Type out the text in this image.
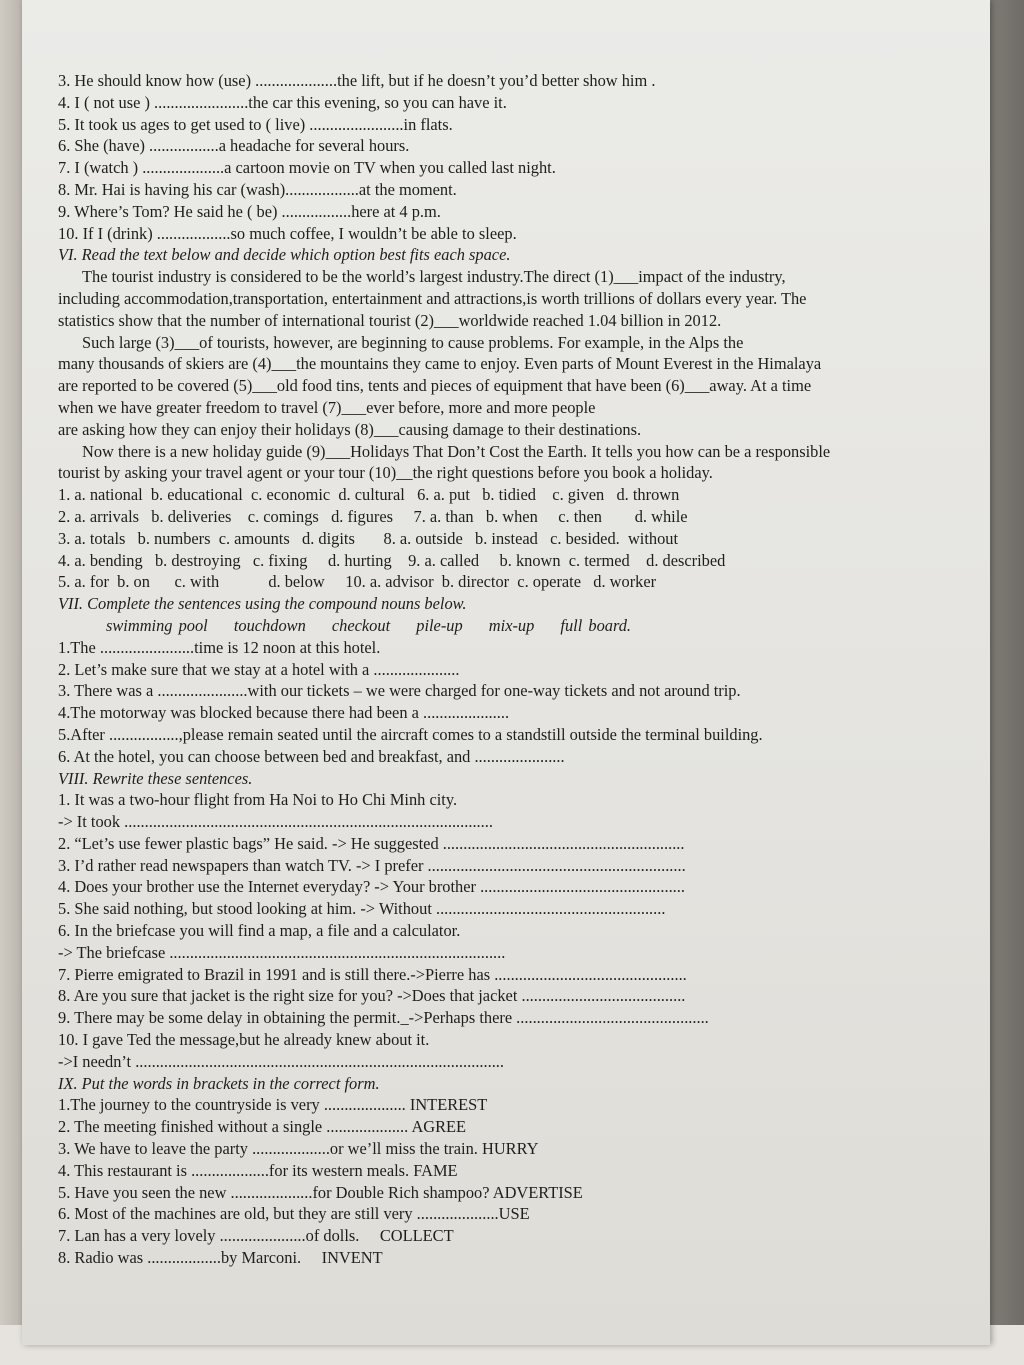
3. He should know how (use) ....................the lift, but if he doesn’t you’d better show him .
4. I ( not use ) .......................the car this evening, so you can have it.
5. It took us ages to get used to ( live) .......................in flats.
6. She (have) .................a headache for several hours.
7. I (watch ) ....................a cartoon movie on TV when you called last night.
8. Mr. Hai is having his car (wash)..................at the moment.
9. Where’s Tom? He said he ( be) .................here at 4 p.m.
10. If I (drink) ..................so much coffee, I wouldn’t be able to sleep.
VI. Read the text below and decide which option best fits each space.
The tourist industry is considered to be the world’s largest industry.The direct (1)___impact of the industry,
including accommodation,transportation, entertainment and attractions,is worth trillions of dollars every year. The
statistics show that the number of international tourist (2)___worldwide reached 1.04 billion in 2012.
Such large (3)___of tourists, however, are beginning to cause problems. For example, in the Alps the
many thousands of skiers are (4)___the mountains they came to enjoy. Even parts of Mount Everest in the Himalaya
are reported to be covered (5)___old food tins, tents and pieces of equipment that have been (6)___away. At a time
when we have greater freedom to travel (7)___ever before, more and more people
are asking how they can enjoy their holidays (8)___causing damage to their destinations.
Now there is a new holiday guide (9)___Holidays That Don’t Cost the Earth. It tells you how can be a responsible
tourist by asking your travel agent or your tour (10)__the right questions before you book a holiday.
1. a. national  b. educational  c. economic  d. cultural   6. a. put   b. tidied    c. given   d. thrown
2. a. arrivals   b. deliveries    c. comings   d. figures     7. a. than   b. when     c. then        d. while
3. a. totals   b. numbers  c. amounts   d. digits       8. a. outside   b. instead   c. besided.  without
4. a. bending   b. destroying   c. fixing     d. hurting    9. a. called     b. known  c. termed    d. described
5. a. for  b. on      c. with            d. below     10. a. advisor  b. director  c. operate   d. worker
VII. Complete the sentences using the compound nouns below.
swimming pool touchdown checkout pile-up mix-up full board.
1.The .......................time is 12 noon at this hotel.
2. Let’s make sure that we stay at a hotel with a .....................
3. There was a ......................with our tickets – we were charged for one-way tickets and not around trip.
4.The motorway was blocked because there had been a .....................
5.After .................,please remain seated until the aircraft comes to a standstill outside the terminal building.
6. At the hotel, you can choose between bed and breakfast, and ......................
VIII. Rewrite these sentences.
1. It was a two-hour flight from Ha Noi to Ho Chi Minh city.
-> It took ..........................................................................................
2. “Let’s use fewer plastic bags” He said. -> He suggested ...........................................................
3. I’d rather read newspapers than watch TV. -> I prefer ...............................................................
4. Does your brother use the Internet everyday? -> Your brother ..................................................
5. She said nothing, but stood looking at him. -> Without ........................................................
6. In the briefcase you will find a map, a file and a calculator.
-> The briefcase ..................................................................................
7. Pierre emigrated to Brazil in 1991 and is still there.->Pierre has ...............................................
8. Are you sure that jacket is the right size for you? ->Does that jacket ........................................
9. There may be some delay in obtaining the permit._->Perhaps there ...............................................
10. I gave Ted the message,but he already knew about it.
->I needn’t ..........................................................................................
IX. Put the words in brackets in the correct form.
1.The journey to the countryside is very .................... INTEREST
2. The meeting finished without a single .................... AGREE
3. We have to leave the party ...................or we’ll miss the train. HURRY
4. This restaurant is ...................for its western meals. FAME
5. Have you seen the new ....................for Double Rich shampoo? ADVERTISE
6. Most of the machines are old, but they are still very ....................USE
7. Lan has a very lovely .....................of dolls. COLLECT
8. Radio was ..................by Marconi. INVENT
